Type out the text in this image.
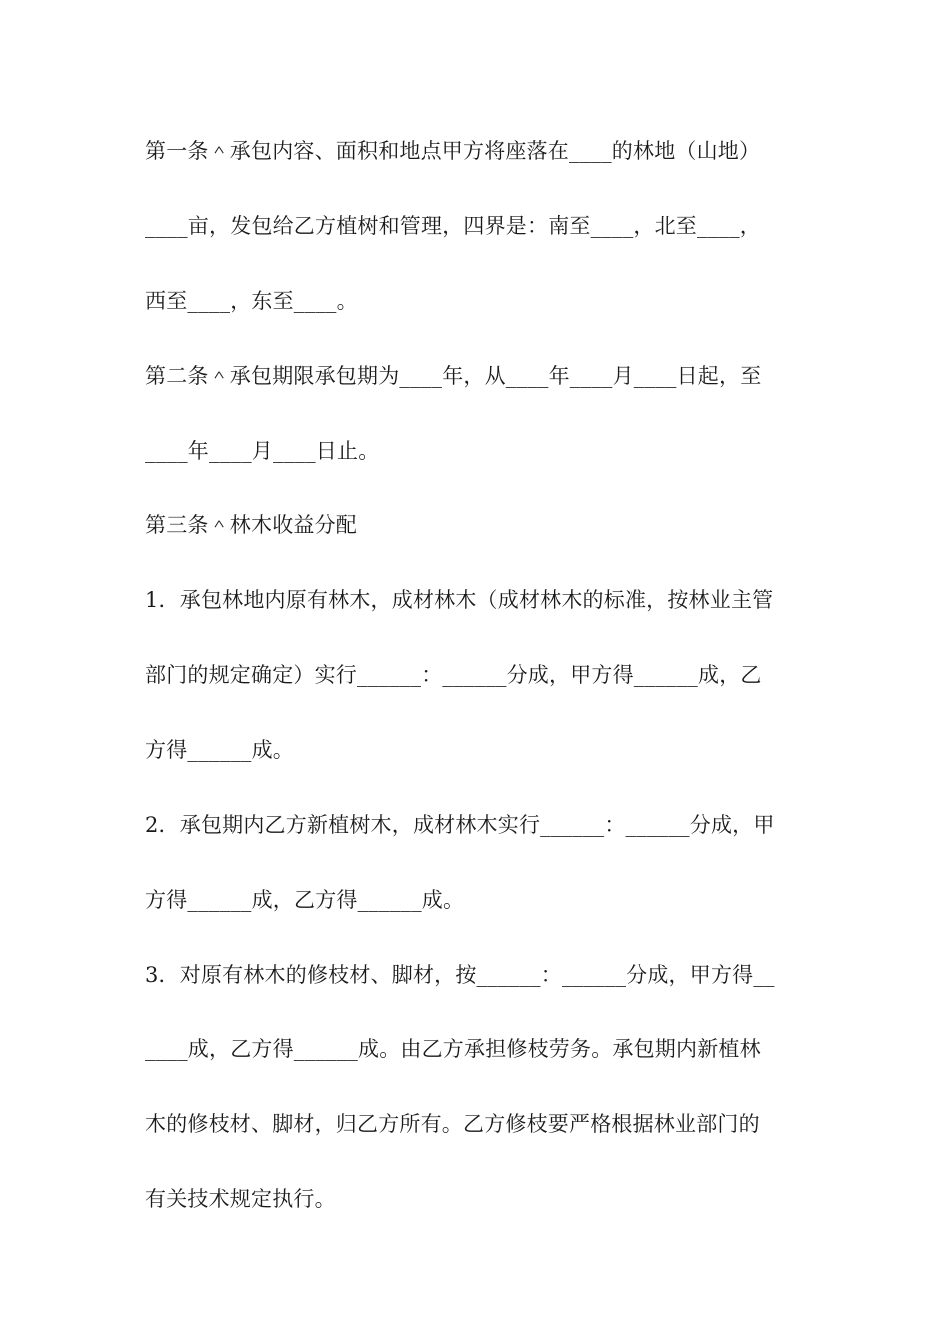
第一条＾承包内容、面积和地点甲方将座落在____的林地（山地）
____亩，发包给乙方植树和管理，四界是：南至____，北至____，
西至____，东至____。
第二条＾承包期限承包期为____年，从____年____月____日起，至
____年____月____日止。
第三条＾林木收益分配
1．承包林地内原有林木，成材林木（成材林木的标准，按林业主管
部门的规定确定）实行______：______分成，甲方得______成，乙
方得______成。
2．承包期内乙方新植树木，成材林木实行______：______分成，甲
方得______成，乙方得______成。
3．对原有林木的修枝材、脚材，按______：______分成，甲方得__
____成，乙方得______成。由乙方承担修枝劳务。承包期内新植林
木的修枝材、脚材，归乙方所有。乙方修枝要严格根据林业部门的
有关技术规定执行。
